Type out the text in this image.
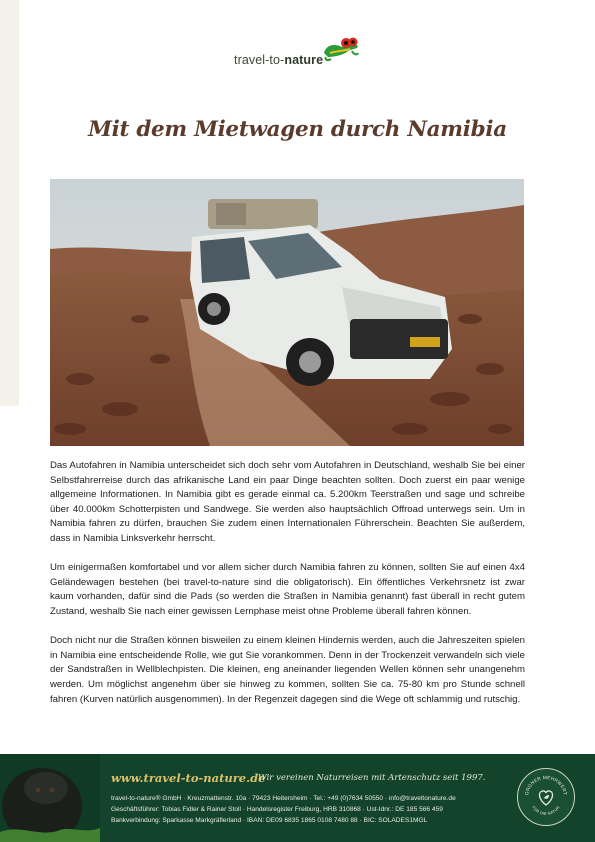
travel-to-nature
Mit dem Mietwagen durch Namibia

Das Autofahren in Namibia unterscheidet sich doch sehr vom Autofahren in Deutschland, weshalb Sie bei einer Selbstfahrerreise durch das afrikanische Land ein paar Dinge beachten sollten. Doch zuerst ein paar wenige allgemeine Informationen. In Namibia gibt es gerade einmal ca. 5.200km Teerstraßen und sage und schreibe über 40.000km Schotterpisten und Sandwege. Sie werden also hauptsächlich Offroad unterwegs sein. Um in Namibia fahren zu dürfen, brauchen Sie zudem einen Internationalen Führerschein. Beachten Sie außerdem, dass in Namibia Linksverkehr herrscht.

Um einigermaßen komfortabel und vor allem sicher durch Namibia fahren zu können, sollten Sie auf einen 4x4 Geländewagen bestehen (bei travel-to-nature sind die obligatorisch). Ein öffentliches Verkehrsnetz ist zwar kaum vorhanden, dafür sind die Pads (so werden die Straßen in Namibia genannt) fast überall in recht gutem Zustand, weshalb Sie nach einer gewissen Lernphase meist ohne Probleme überall fahren können.

Doch nicht nur die Straßen können bisweilen zu einem kleinen Hindernis werden, auch die Jahreszeiten spielen in Namibia eine entscheidende Rolle, wie gut Sie vorankommen. Denn in der Trockenzeit verwandeln sich viele der Sandstraßen in Wellblechpisten. Die kleinen, eng aneinander liegenden Wellen können sehr unangenehm werden. Um möglichst angenehm über sie hinweg zu kommen, sollten Sie ca. 75-80 km pro Stunde schnell fahren (Kurven natürlich ausgenommen). In der Regenzeit dagegen sind die Wege oft schlammig und rutschig.

www.travel-to-nature.de
Wir vereinen Naturreisen mit Artenschutz seit 1997.
travel-to-nature® GmbH · Kreuzmattenstr. 10a · 79423 Heitersheim · Tel.: +49 (0)7634 50550 · info@traveltonature.de
Geschäftsführer: Tobias Fidler & Rainer Stoll · Handelsregister Freiburg, HRB 310868 · Ust-Idnr.: DE 185 566 459
Bankverbindung: Sparkasse Markgräflerland · IBAN: DE09 6835 1865 0108 7480 88 · BIC: SOLADES1MGL
GRÜNER MEHRWERT
FÜR DIE NATUR
